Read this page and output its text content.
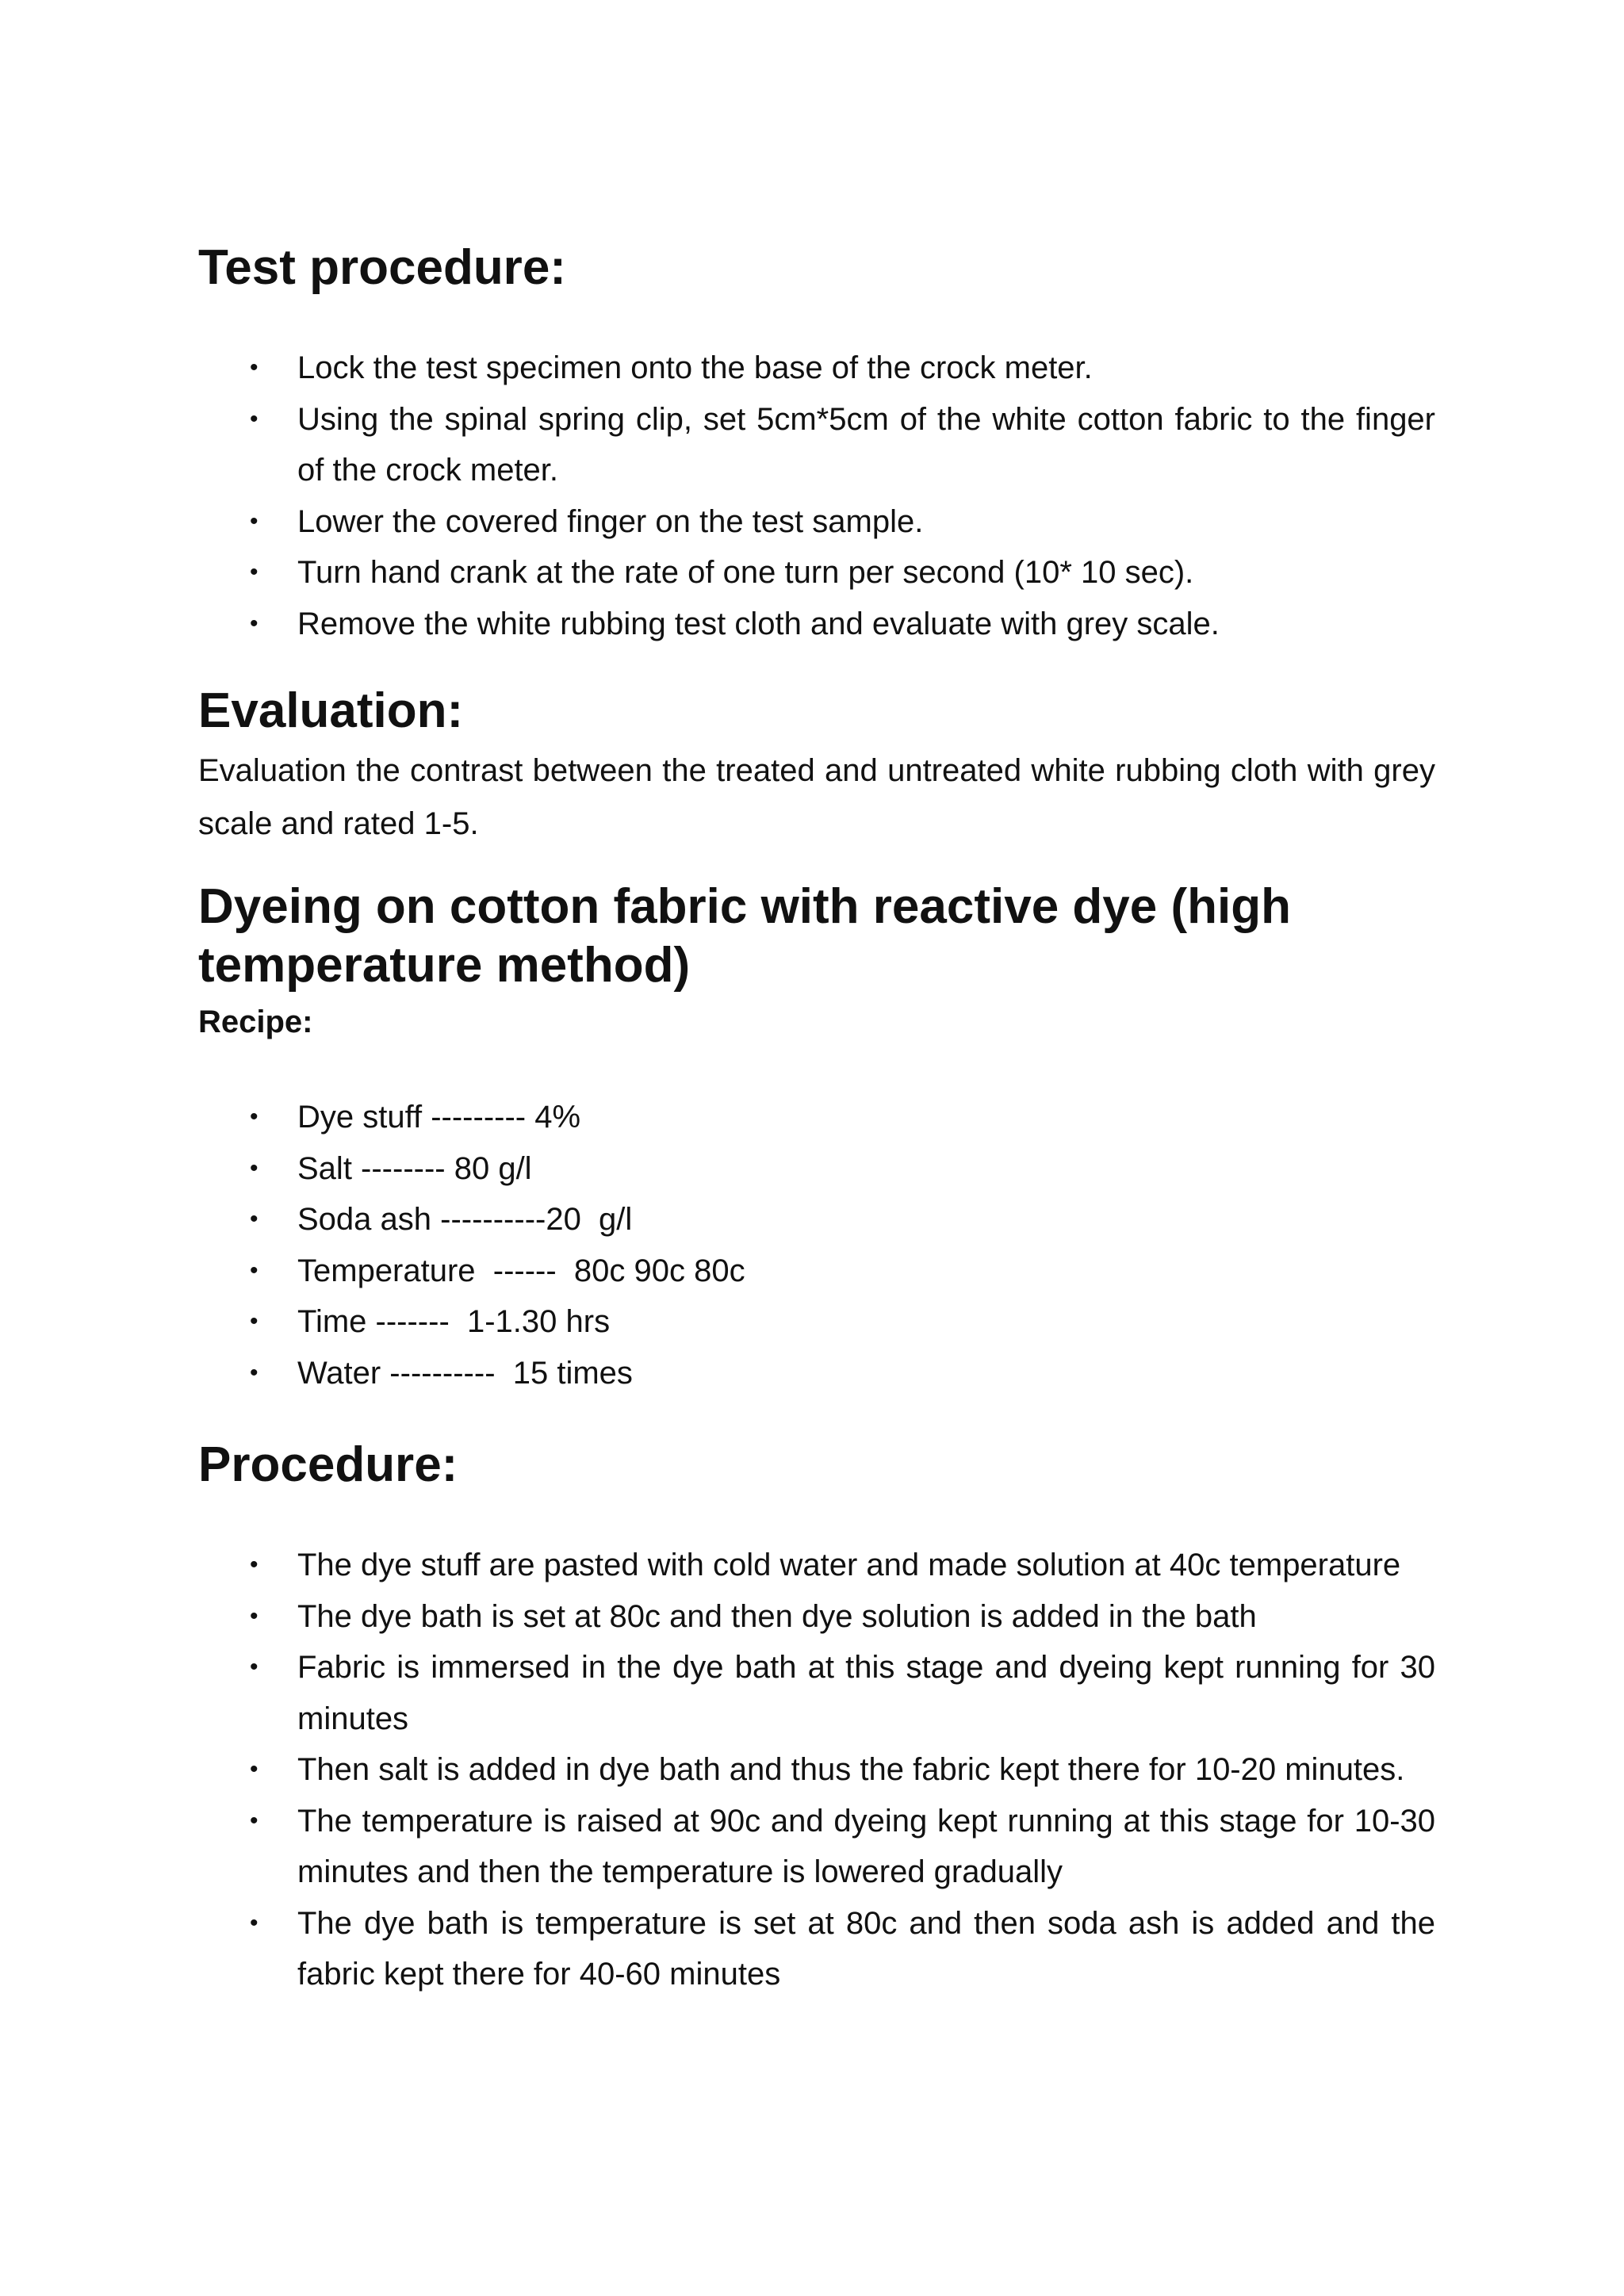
Test procedure:
• Lock the test specimen onto the base of the crock meter.
• Using the spinal spring clip, set 5cm*5cm of the white cotton fabric to the finger of the crock meter.
• Lower the covered finger on the test sample.
• Turn hand crank at the rate of one turn per second (10* 10 sec).
• Remove the white rubbing test cloth and evaluate with grey scale.
Evaluation:

Evaluation the contrast between the treated and untreated white rubbing cloth with grey scale and rated 1-5.

Dyeing on cotton fabric with reactive dye (high temperature method)
Recipe:
• Dye stuff --------- 4%
• Salt -------- 80 g/l
• Soda ash ----------20  g/l
• Temperature  ------  80c 90c 80c
• Time -------  1-1.30 hrs
• Water ----------  15 times
Procedure:
• The dye stuff are pasted with cold water and made solution at 40c temperature
• The dye bath is set at 80c and then dye solution is added in the bath
• Fabric is immersed in the dye bath at this stage and dyeing kept running for 30 minutes
• Then salt is added in dye bath and thus the fabric kept there for 10-20 minutes.
• The temperature is raised at 90c and dyeing kept running at this stage for 10-30 minutes and then the temperature is lowered gradually
• The dye bath is temperature is set at 80c and then soda ash is added and the fabric kept there for 40-60 minutes
